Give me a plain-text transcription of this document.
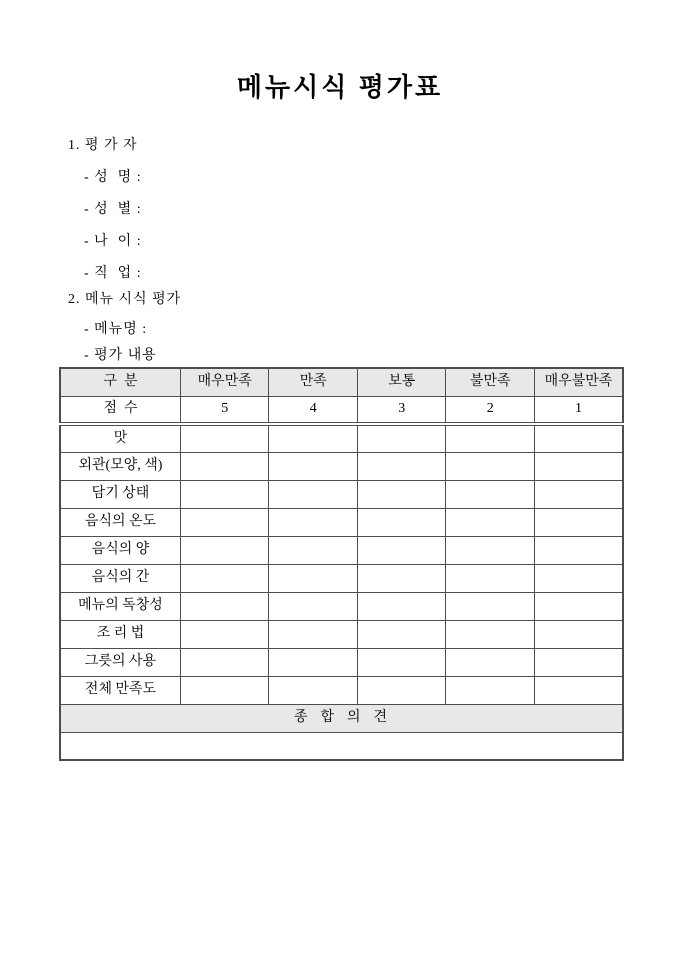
메뉴시식 평가표
1. 평 가 자
- 성  명 :
- 성  별 :
- 나  이 :
- 직  업 :
2. 메뉴 시식 평가
- 메뉴명 :
- 평가 내용
구  분	매우만족	만족	보통	불만족	매우불만족
점  수	5	4	3	2	1
맛					
외관(모양, 색)					
담기 상태					
음식의 온도					
음식의 양					
음식의 간					
메뉴의 독창성					
조 리 법					
그릇의 사용					
전체 만족도					
종  합  의  견					
